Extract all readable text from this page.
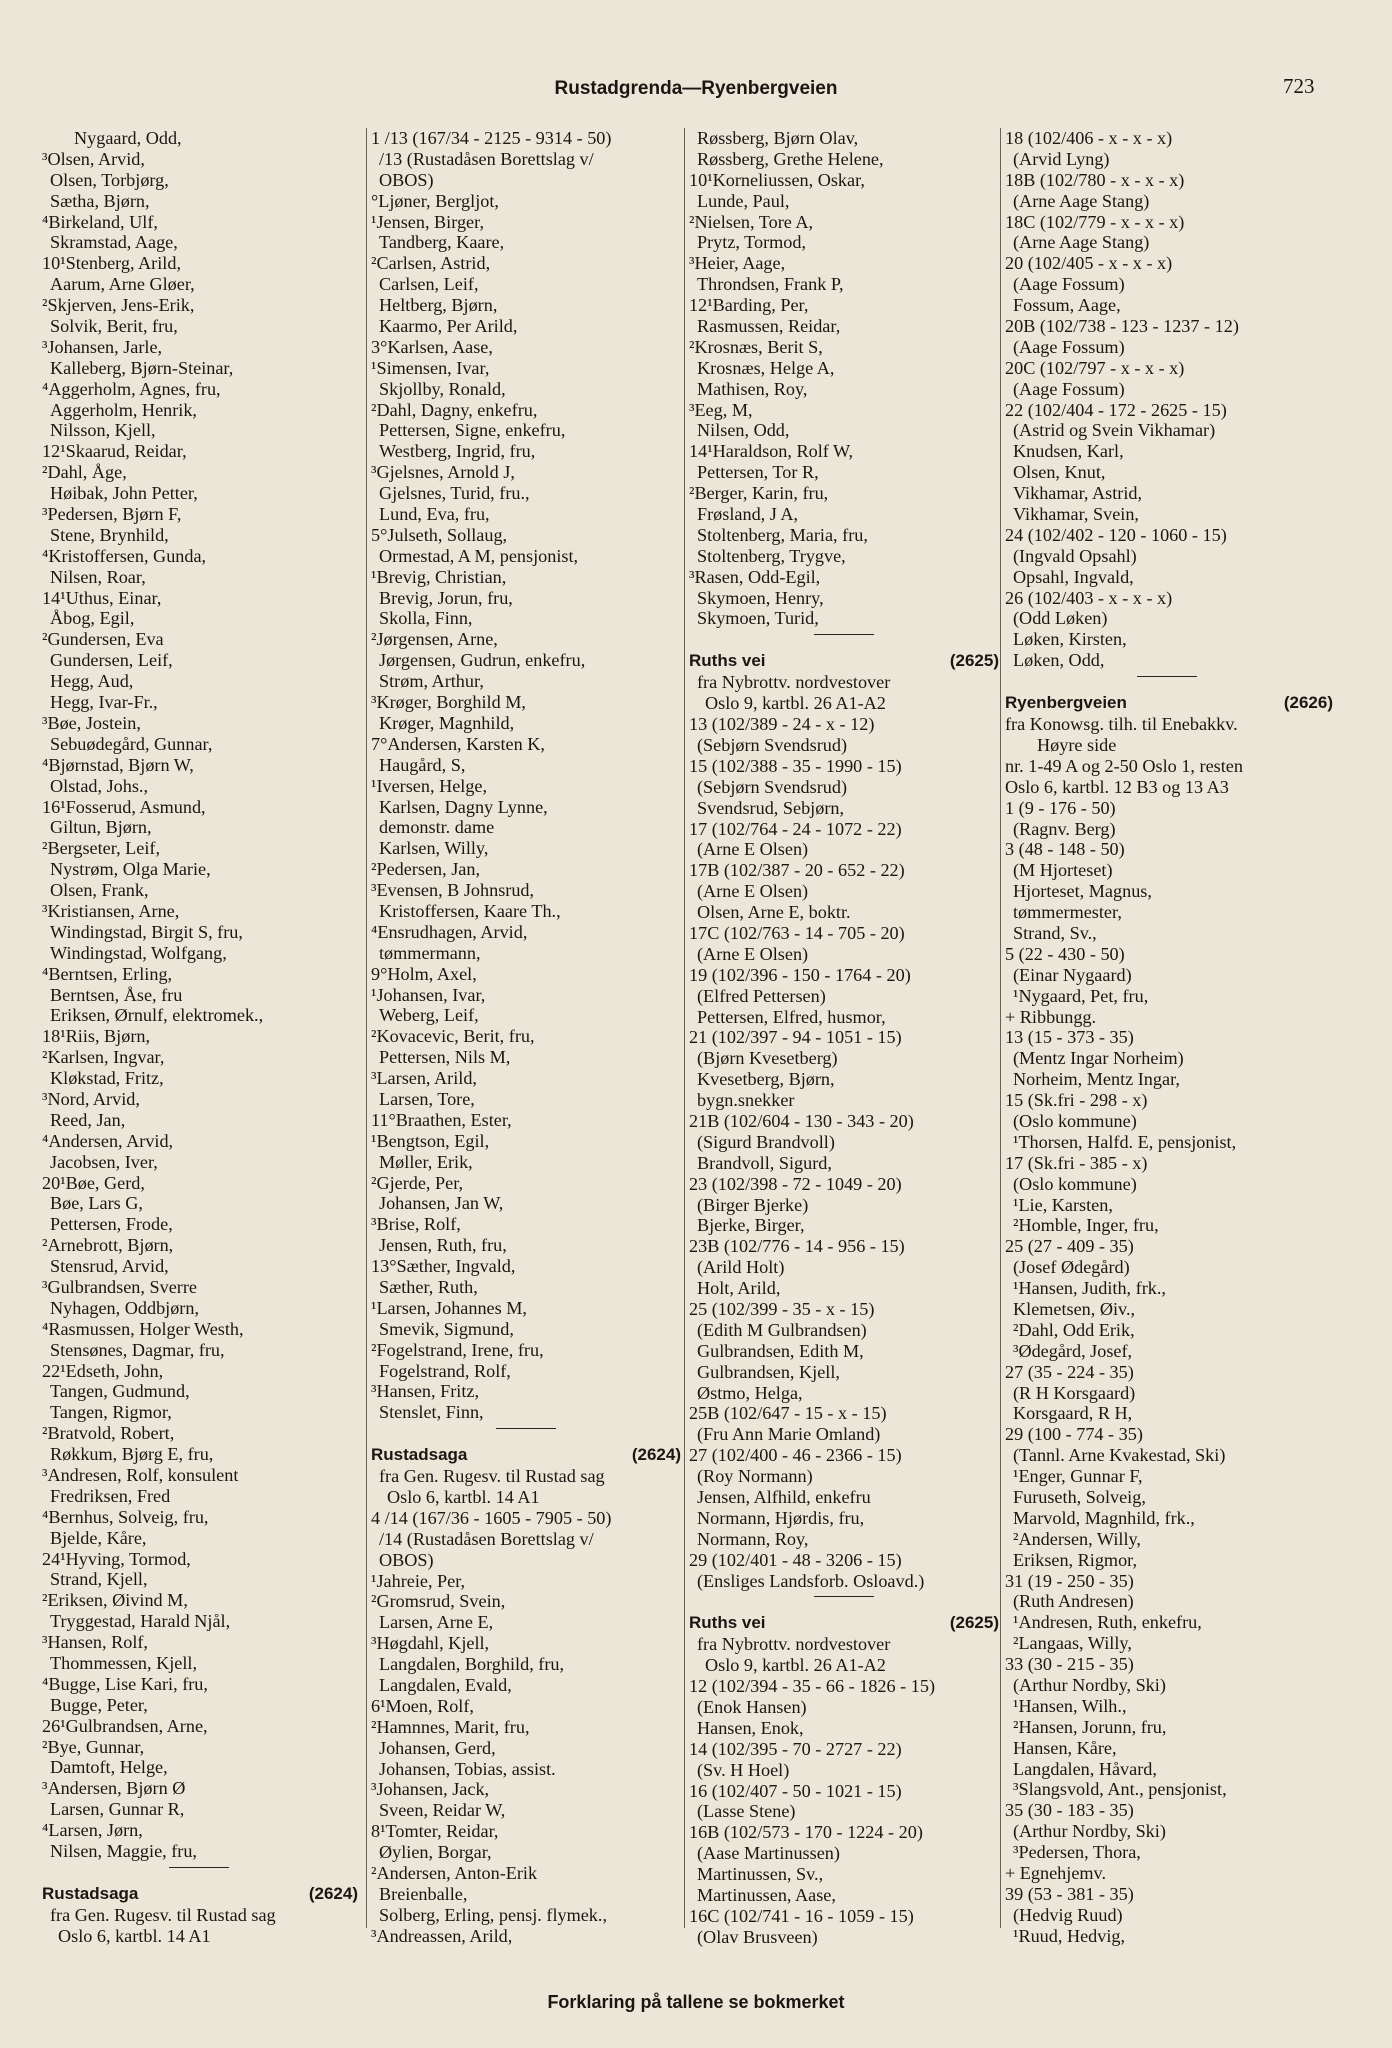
Rustadgrenda—Ryenbergveien	723
Nygaard, Odd,
³Olsen, Arvid,
Olsen, Torbjørg,
Sætha, Bjørn,
⁴Birkeland, Ulf,
Skramstad, Aage,
10¹Stenberg, Arild,
Aarum, Arne Gløer,
²Skjerven, Jens-Erik,
Solvik, Berit, fru,
³Johansen, Jarle,
Kalleberg, Bjørn-Steinar,
⁴Aggerholm, Agnes, fru,
Aggerholm, Henrik,
Nilsson, Kjell,
12¹Skaarud, Reidar,
²Dahl, Åge,
Høibak, John Petter,
³Pedersen, Bjørn F,
Stene, Brynhild,
⁴Kristoffersen, Gunda,
Nilsen, Roar,
14¹Uthus, Einar,
Åbog, Egil,
²Gundersen, Eva
Gundersen, Leif,
Hegg, Aud,
Hegg, Ivar-Fr.,
³Bøe, Jostein,
Sebuødegård, Gunnar,
⁴Bjørnstad, Bjørn W,
Olstad, Johs.,
16¹Fosserud, Asmund,
Giltun, Bjørn,
²Bergseter, Leif,
Nystrøm, Olga Marie,
Olsen, Frank,
³Kristiansen, Arne,
Windingstad, Birgit S, fru,
Windingstad, Wolfgang,
⁴Berntsen, Erling,
Berntsen, Åse, fru
Eriksen, Ørnulf, elektromek.,
18¹Riis, Bjørn,
²Karlsen, Ingvar,
Kløkstad, Fritz,
³Nord, Arvid,
Reed, Jan,
⁴Andersen, Arvid,
Jacobsen, Iver,
20¹Bøe, Gerd,
Bøe, Lars G,
Pettersen, Frode,
²Arnebrott, Bjørn,
Stensrud, Arvid,
³Gulbrandsen, Sverre
Nyhagen, Oddbjørn,
⁴Rasmussen, Holger Westh,
Stensønes, Dagmar, fru,
22¹Edseth, John,
Tangen, Gudmund,
Tangen, Rigmor,
²Bratvold, Robert,
Røkkum, Bjørg E, fru,
³Andresen, Rolf, konsulent
Fredriksen, Fred
⁴Bernhus, Solveig, fru,
Bjelde, Kåre,
24¹Hyving, Tormod,
Strand, Kjell,
²Eriksen, Øivind M,
Tryggestad, Harald Njål,
³Hansen, Rolf,
Thommessen, Kjell,
⁴Bugge, Lise Kari, fru,
Bugge, Peter,
26¹Gulbrandsen, Arne,
²Bye, Gunnar,
Damtoft, Helge,
³Andersen, Bjørn Ø
Larsen, Gunnar R,
⁴Larsen, Jørn,
Nilsen, Maggie, fru,
Rustadsaga	(2624)
fra Gen. Rugesv. til Rustad sag
Oslo 6, kartbl. 14 A1
1 /13 (167/34 - 2125 - 9314 - 50)
/13 (Rustadåsen Borettslag v/
OBOS)
°Ljøner, Bergljot,
¹Jensen, Birger,
Tandberg, Kaare,
²Carlsen, Astrid,
Carlsen, Leif,
Heltberg, Bjørn,
Kaarmo, Per Arild,
3°Karlsen, Aase,
¹Simensen, Ivar,
Skjollby, Ronald,
²Dahl, Dagny, enkefru,
Pettersen, Signe, enkefru,
Westberg, Ingrid, fru,
³Gjelsnes, Arnold J,
Gjelsnes, Turid, fru.,
Lund, Eva, fru,
5°Julseth, Sollaug,
Ormestad, A M, pensjonist,
¹Brevig, Christian,
Brevig, Jorun, fru,
Skolla, Finn,
²Jørgensen, Arne,
Jørgensen, Gudrun, enkefru,
Strøm, Arthur,
³Krøger, Borghild M,
Krøger, Magnhild,
7°Andersen, Karsten K,
Haugård, S,
¹Iversen, Helge,
Karlsen, Dagny Lynne,
demonstr. dame
Karlsen, Willy,
²Pedersen, Jan,
³Evensen, B Johnsrud,
Kristoffersen, Kaare Th.,
⁴Ensrudhagen, Arvid,
tømmermann,
9°Holm, Axel,
¹Johansen, Ivar,
Weberg, Leif,
²Kovacevic, Berit, fru,
Pettersen, Nils M,
³Larsen, Arild,
Larsen, Tore,
11°Braathen, Ester,
¹Bengtson, Egil,
Møller, Erik,
²Gjerde, Per,
Johansen, Jan W,
³Brise, Rolf,
Jensen, Ruth, fru,
13°Sæther, Ingvald,
Sæther, Ruth,
¹Larsen, Johannes M,
Smevik, Sigmund,
²Fogelstrand, Irene, fru,
Fogelstrand, Rolf,
³Hansen, Fritz,
Stenslet, Finn,
Rustadsaga	(2624)
fra Gen. Rugesv. til Rustad sag
Oslo 6, kartbl. 14 A1
4 /14 (167/36 - 1605 - 7905 - 50)
/14 (Rustadåsen Borettslag v/
OBOS)
¹Jahreie, Per,
²Gromsrud, Svein,
Larsen, Arne E,
³Høgdahl, Kjell,
Langdalen, Borghild, fru,
Langdalen, Evald,
6¹Moen, Rolf,
²Hamnnes, Marit, fru,
Johansen, Gerd,
Johansen, Tobias, assist.
³Johansen, Jack,
Sveen, Reidar W,
8¹Tomter, Reidar,
Øylien, Borgar,
²Andersen, Anton-Erik
Breienballe,
Solberg, Erling, pensj. flymek.,
³Andreassen, Arild,
Røssberg, Bjørn Olav,
Røssberg, Grethe Helene,
10¹Korneliussen, Oskar,
Lunde, Paul,
²Nielsen, Tore A,
Prytz, Tormod,
³Heier, Aage,
Throndsen, Frank P,
12¹Barding, Per,
Rasmussen, Reidar,
²Krosnæs, Berit S,
Krosnæs, Helge A,
Mathisen, Roy,
³Eeg, M,
Nilsen, Odd,
14¹Haraldson, Rolf W,
Pettersen, Tor R,
²Berger, Karin, fru,
Frøsland, J A,
Stoltenberg, Maria, fru,
Stoltenberg, Trygve,
³Rasen, Odd-Egil,
Skymoen, Henry,
Skymoen, Turid,
Ruths vei	(2625)
fra Nybrottv. nordvestover
Oslo 9, kartbl. 26 A1-A2
13 (102/389 - 24 - x - 12)
(Sebjørn Svendsrud)
15 (102/388 - 35 - 1990 - 15)
(Sebjørn Svendsrud)
Svendsrud, Sebjørn,
17 (102/764 - 24 - 1072 - 22)
(Arne E Olsen)
17B (102/387 - 20 - 652 - 22)
(Arne E Olsen)
Olsen, Arne E, boktr.
17C (102/763 - 14 - 705 - 20)
(Arne E Olsen)
19 (102/396 - 150 - 1764 - 20)
(Elfred Pettersen)
Pettersen, Elfred, husmor,
21 (102/397 - 94 - 1051 - 15)
(Bjørn Kvesetberg)
Kvesetberg, Bjørn,
bygn.snekker
21B (102/604 - 130 - 343 - 20)
(Sigurd Brandvoll)
Brandvoll, Sigurd,
23 (102/398 - 72 - 1049 - 20)
(Birger Bjerke)
Bjerke, Birger,
23B (102/776 - 14 - 956 - 15)
(Arild Holt)
Holt, Arild,
25 (102/399 - 35 - x - 15)
(Edith M Gulbrandsen)
Gulbrandsen, Edith M,
Gulbrandsen, Kjell,
Østmo, Helga,
25B (102/647 - 15 - x - 15)
(Fru Ann Marie Omland)
27 (102/400 - 46 - 2366 - 15)
(Roy Normann)
Jensen, Alfhild, enkefru
Normann, Hjørdis, fru,
Normann, Roy,
29 (102/401 - 48 - 3206 - 15)
(Ensliges Landsforb. Osloavd.)
Ruths vei	(2625)
fra Nybrottv. nordvestover
Oslo 9, kartbl. 26 A1-A2
12 (102/394 - 35 - 66 - 1826 - 15)
(Enok Hansen)
Hansen, Enok,
14 (102/395 - 70 - 2727 - 22)
(Sv. H Hoel)
16 (102/407 - 50 - 1021 - 15)
(Lasse Stene)
16B (102/573 - 170 - 1224 - 20)
(Aase Martinussen)
Martinussen, Sv.,
Martinussen, Aase,
16C (102/741 - 16 - 1059 - 15)
(Olav Brusveen)
18 (102/406 - x - x - x)
(Arvid Lyng)
18B (102/780 - x - x - x)
(Arne Aage Stang)
18C (102/779 - x - x - x)
(Arne Aage Stang)
20 (102/405 - x - x - x)
(Aage Fossum)
Fossum, Aage,
20B (102/738 - 123 - 1237 - 12)
(Aage Fossum)
20C (102/797 - x - x - x)
(Aage Fossum)
22 (102/404 - 172 - 2625 - 15)
(Astrid og Svein Vikhamar)
Knudsen, Karl,
Olsen, Knut,
Vikhamar, Astrid,
Vikhamar, Svein,
24 (102/402 - 120 - 1060 - 15)
(Ingvald Opsahl)
Opsahl, Ingvald,
26 (102/403 - x - x - x)
(Odd Løken)
Løken, Kirsten,
Løken, Odd,
Ryenbergveien	(2626)
fra Konowsg. tilh. til Enebakkv.
Høyre side
nr. 1-49 A og 2-50 Oslo 1, resten
Oslo 6, kartbl. 12 B3 og 13 A3
1 (9 - 176 - 50)
(Ragnv. Berg)
3 (48 - 148 - 50)
(M Hjorteset)
Hjorteset, Magnus,
tømmermester,
Strand, Sv.,
5 (22 - 430 - 50)
(Einar Nygaard)
¹Nygaard, Pet, fru,
+ Ribbungg.
13 (15 - 373 - 35)
(Mentz Ingar Norheim)
Norheim, Mentz Ingar,
15 (Sk.fri - 298 - x)
(Oslo kommune)
¹Thorsen, Halfd. E, pensjonist,
17 (Sk.fri - 385 - x)
(Oslo kommune)
¹Lie, Karsten,
²Homble, Inger, fru,
25 (27 - 409 - 35)
(Josef Ødegård)
¹Hansen, Judith, frk.,
Klemetsen, Øiv.,
²Dahl, Odd Erik,
³Ødegård, Josef,
27 (35 - 224 - 35)
(R H Korsgaard)
Korsgaard, R H,
29 (100 - 774 - 35)
(Tannl. Arne Kvakestad, Ski)
¹Enger, Gunnar F,
Furuseth, Solveig,
Marvold, Magnhild, frk.,
²Andersen, Willy,
Eriksen, Rigmor,
31 (19 - 250 - 35)
(Ruth Andresen)
¹Andresen, Ruth, enkefru,
²Langaas, Willy,
33 (30 - 215 - 35)
(Arthur Nordby, Ski)
¹Hansen, Wilh.,
²Hansen, Jorunn, fru,
Hansen, Kåre,
Langdalen, Håvard,
³Slangsvold, Ant., pensjonist,
35 (30 - 183 - 35)
(Arthur Nordby, Ski)
³Pedersen, Thora,
+ Egnehjemv.
39 (53 - 381 - 35)
(Hedvig Ruud)
¹Ruud, Hedvig,
Forklaring på tallene se bokmerket
